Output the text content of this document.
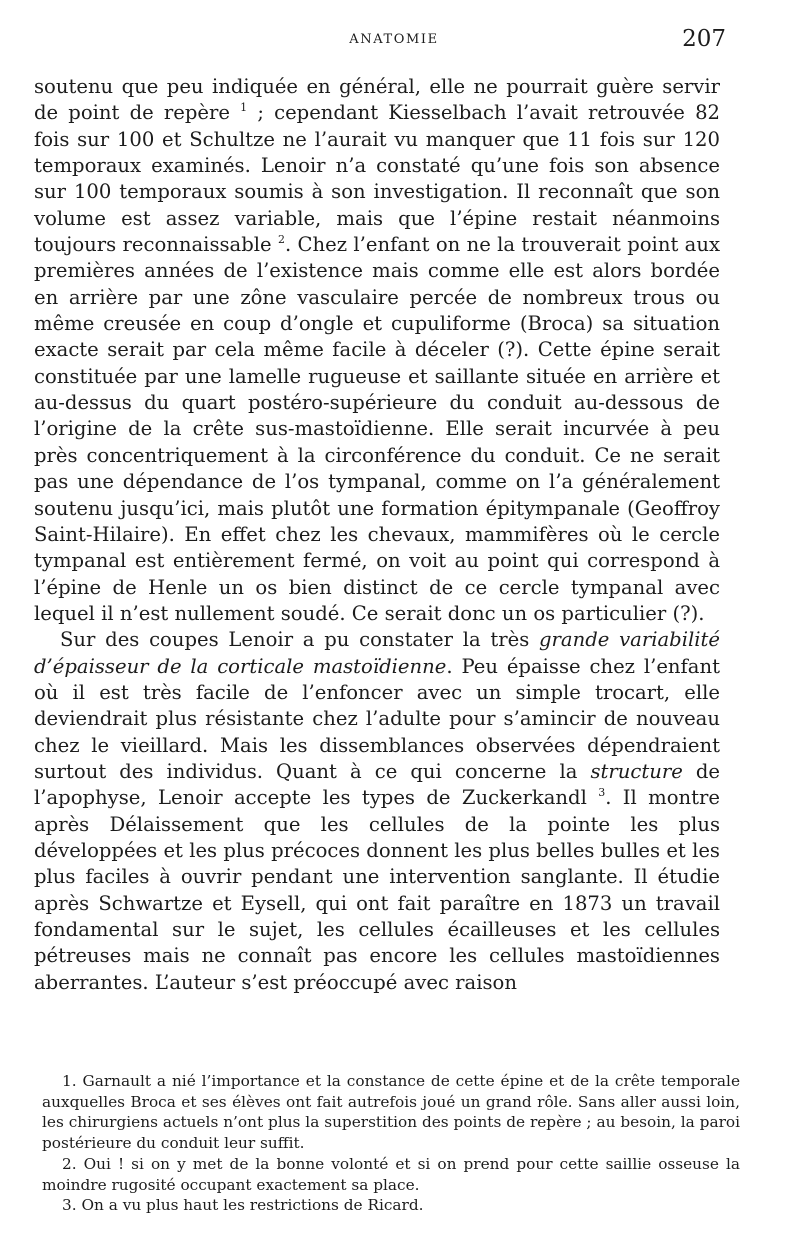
ANATOMIE	207

soutenu que peu indiquée en général, elle ne pourrait guère servir de point de repère $^1$ ; cependant Kiesselbach l’avait retrouvée 82 fois sur 100 et Schultze ne l’aurait vu manquer que 11 fois sur 120 temporaux examinés. Lenoir n’a constaté qu’une fois son absence sur 100 temporaux soumis à son investigation. Il reconnaît que son volume est assez variable, mais que l’épine restait néanmoins toujours reconnaissable $^2$. Chez l’enfant on ne la trouverait point aux premières années de l’existence mais comme elle est alors bordée en arrière par une zône vasculaire percée de nombreux trous ou même creusée en coup d’ongle et cupuliforme (Broca) sa situation exacte serait par cela même facile à déceler (?). Cette épine serait constituée par une lamelle rugueuse et saillante située en arrière et au-dessus du quart postéro-supérieure du conduit au-dessous de l’origine de la crête sus-mastoïdienne. Elle serait incurvée à peu près concentriquement à la circonférence du conduit. Ce ne serait pas une dépendance de l’os tympanal, comme on l’a généralement soutenu jusqu’ici, mais plutôt une formation épitympanale (Geoffroy Saint-Hilaire). En effet chez les chevaux, mammifères où le cercle tympanal est entièrement fermé, on voit au point qui correspond à l’épine de Henle un os bien distinct de ce cercle tympanal avec lequel il n’est nullement soudé. Ce serait donc un os particulier (?).

Sur des coupes Lenoir a pu constater la très grande variabilité d’épaisseur de la corticale mastoïdienne. Peu épaisse chez l’enfant où il est très facile de l’enfoncer avec un simple trocart, elle deviendrait plus résistante chez l’adulte pour s’amincir de nouveau chez le vieillard. Mais les dissemblances observées dépendraient surtout des individus. Quant à ce qui concerne la structure de l’apophyse, Lenoir accepte les types de Zuckerkandl $^3$. Il montre après Délaissement que les cellules de la pointe les plus développées et les plus précoces donnent les plus belles bulles et les plus faciles à ouvrir pendant une intervention sanglante. Il étudie après Schwartze et Eysell, qui ont fait paraître en 1873 un travail fondamental sur le sujet, les cellules écailleuses et les cellules pétreuses mais ne connaît pas encore les cellules mastoïdiennes aberrantes. L’auteur s’est préoccupé avec raison

1. Garnault a nié l’importance et la constance de cette épine et de la crête temporale auxquelles Broca et ses élèves ont fait autrefois joué un grand rôle. Sans aller aussi loin, les chirurgiens actuels n’ont plus la superstition des points de repère ; au besoin, la paroi postérieure du conduit leur suffit.

2. Oui ! si on y met de la bonne volonté et si on prend pour cette saillie osseuse la moindre rugosité occupant exactement sa place.

3. On a vu plus haut les restrictions de Ricard.
